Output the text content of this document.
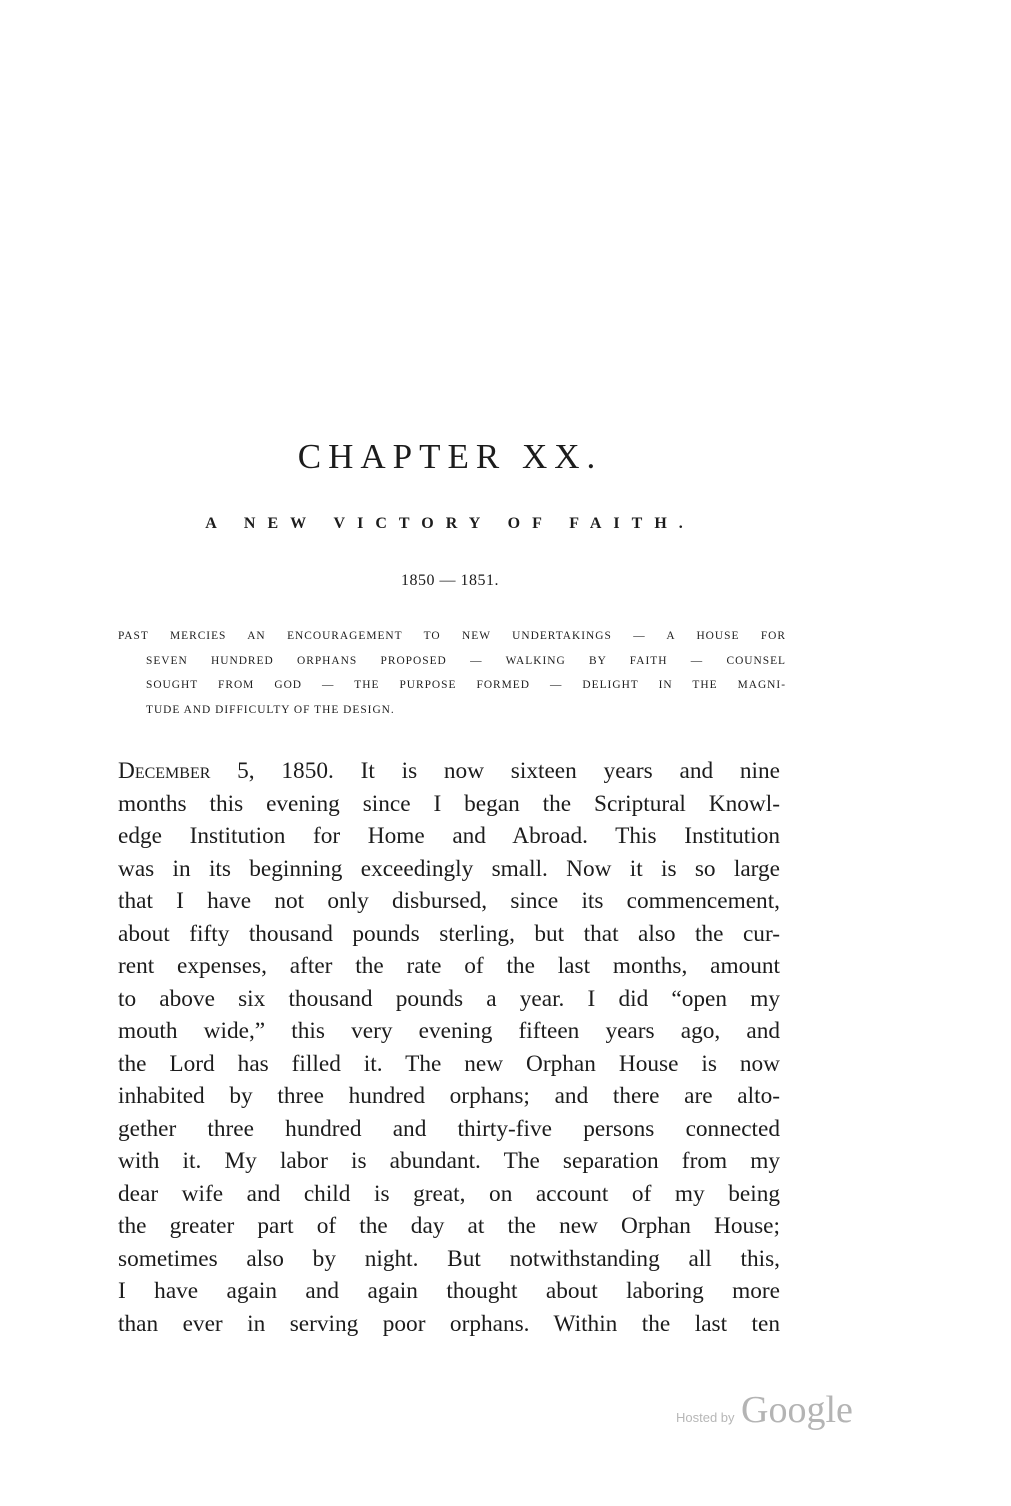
CHAPTER XX.
A NEW VICTORY OF FAITH.

1850 — 1851.

PAST MERCIES AN ENCOURAGEMENT TO NEW UNDERTAKINGS — A HOUSE FOR
SEVEN HUNDRED ORPHANS PROPOSED — WALKING BY FAITH — COUNSEL
SOUGHT FROM GOD — THE PURPOSE FORMED — DELIGHT IN THE MAGNI-
TUDE AND DIFFICULTY OF THE DESIGN.
December 5, 1850. It is now sixteen years and nine
months this evening since I began the Scriptural Knowl-
edge Institution for Home and Abroad. This Institution
was in its beginning exceedingly small. Now it is so large
that I have not only disbursed, since its commencement,
about fifty thousand pounds sterling, but that also the cur-
rent expenses, after the rate of the last months, amount
to above six thousand pounds a year. I did “open my
mouth wide,” this very evening fifteen years ago, and
the Lord has filled it. The new Orphan House is now
inhabited by three hundred orphans; and there are alto-
gether three hundred and thirty-five persons connected
with it. My labor is abundant. The separation from my
dear wife and child is great, on account of my being
the greater part of the day at the new Orphan House;
sometimes also by night. But notwithstanding all this,
I have again and again thought about laboring more
than ever in serving poor orphans. Within the last ten
Hosted by Google
